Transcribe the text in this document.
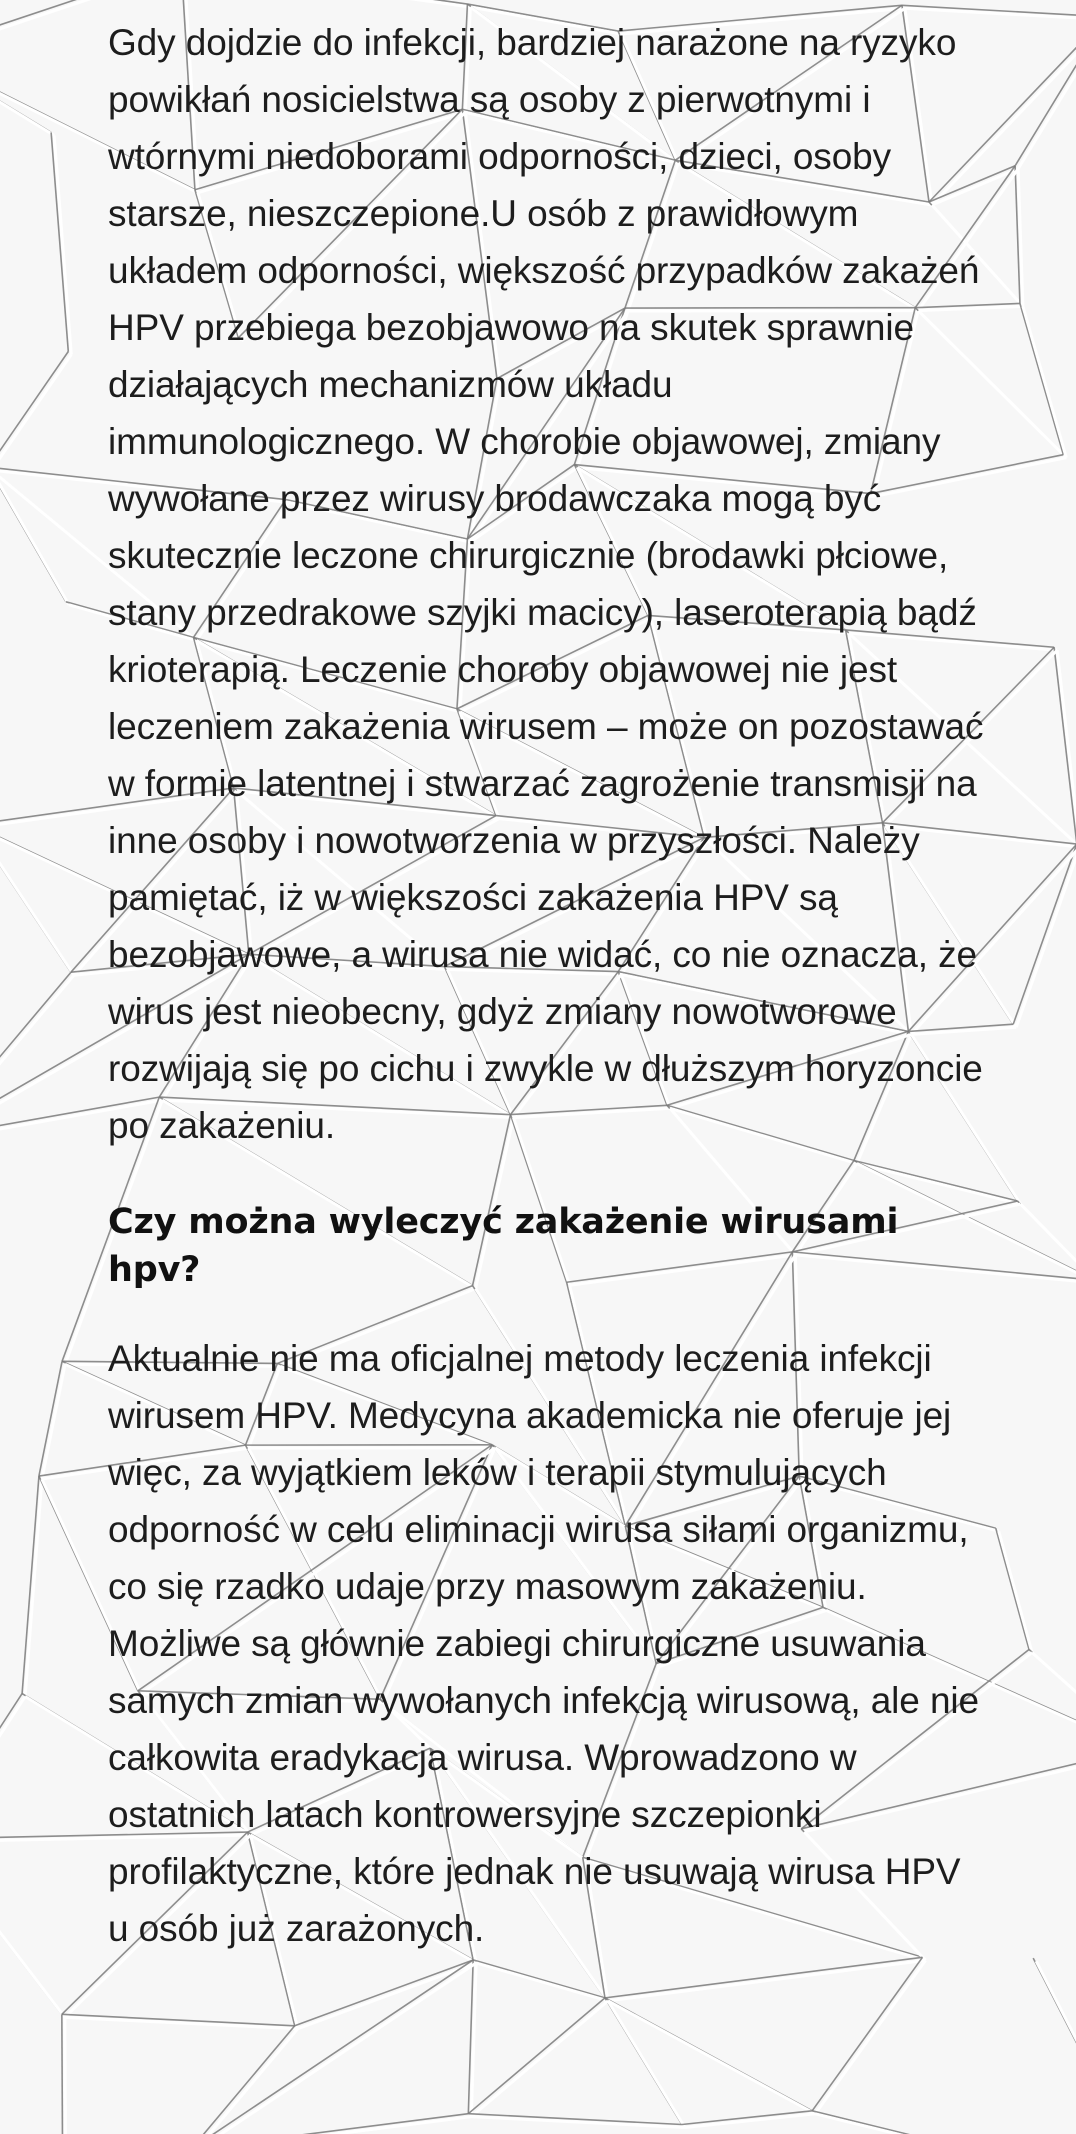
Gdy dojdzie do infekcji, bardziej narażone na ryzyko powikłań nosicielstwa są osoby z pierwotnymi i wtórnymi niedoborami odporności, dzieci, osoby starsze, nieszczepione.U osób z prawidłowym układem odporności, większość przypadków zakażeń HPV przebiega bezobjawowo na skutek sprawnie działających mechanizmów układu immunologicznego. W chorobie objawowej, zmiany wywołane przez wirusy brodawczaka mogą być skutecznie leczone chirurgicznie (brodawki płciowe, stany przedrakowe szyjki macicy), laseroterapią bądź krioterapią. Leczenie choroby objawowej nie jest leczeniem zakażenia wirusem – może on pozostawać w formie latentnej i stwarzać zagrożenie transmisji na inne osoby i nowotworzenia w przyszłości. Należy pamiętać, iż w większości zakażenia HPV są bezobjawowe, a wirusa nie widać, co nie oznacza, że wirus jest nieobecny, gdyż zmiany nowotworowe rozwijają się po cichu i zwykle w dłuższym horyzoncie po zakażeniu.

Czy można wyleczyć zakażenie wirusami hpv?

Aktualnie nie ma oficjalnej metody leczenia infekcji wirusem HPV. Medycyna akademicka nie oferuje jej więc, za wyjątkiem leków i terapii stymulujących odporność w celu eliminacji wirusa siłami organizmu, co się rzadko udaje przy masowym zakażeniu. Możliwe są głównie zabiegi chirurgiczne usuwania samych zmian wywołanych infekcją wirusową, ale nie całkowita eradykacja wirusa. Wprowadzono w ostatnich latach kontrowersyjne szczepionki profilaktyczne, które jednak nie usuwają wirusa HPV u osób już zarażonych.
